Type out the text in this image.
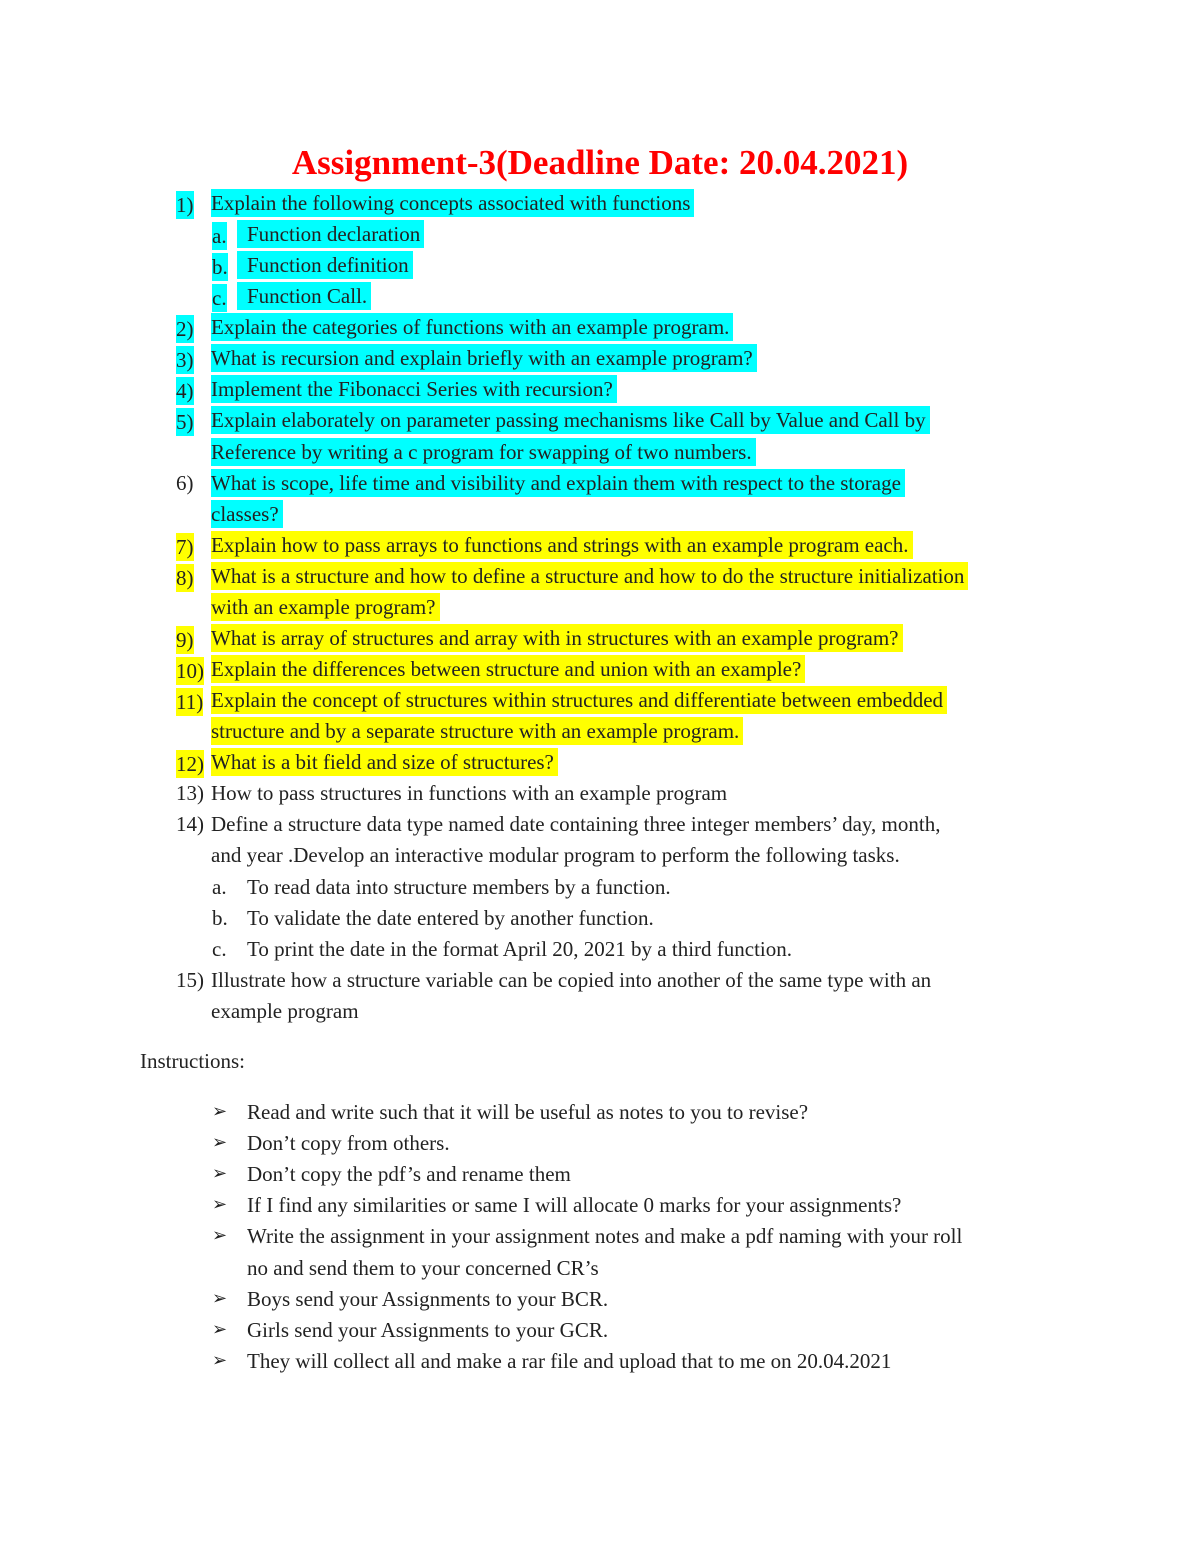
Assignment-3(Deadline Date: 20.04.2021)
1) Explain the following concepts associated with functions
a. Function declaration
b. Function definition
c. Function Call.
2) Explain the categories of functions with an example program.
3) What is recursion and explain briefly with an example program?
4) Implement the Fibonacci Series with recursion?
5) Explain elaborately on parameter passing mechanisms like Call by Value and Call by
Reference by writing a c program for swapping of two numbers.
6) What is scope, life time and visibility and explain them with respect to the storage
classes?
7) Explain how to pass arrays to functions and strings with an example program each.
8) What is a structure and how to define a structure and how to do the structure initialization
with an example program?
9) What is array of structures and array with in structures with an example program?
10) Explain the differences between structure and union with an example?
11) Explain the concept of structures within structures and differentiate between embedded
structure and by a separate structure with an example program.
12) What is a bit field and size of structures?
13) How to pass structures in functions with an example program
14) Define a structure data type named date containing three integer members’ day, month,
and year .Develop an interactive modular program to perform the following tasks.
a. To read data into structure members by a function.
b. To validate the date entered by another function.
c. To print the date in the format April 20, 2021 by a third function.
15) Illustrate how a structure variable can be copied into another of the same type with an
example program
Instructions:
➢ Read and write such that it will be useful as notes to you to revise?
➢ Don’t copy from others.
➢ Don’t copy the pdf’s and rename them
➢ If I find any similarities or same I will allocate 0 marks for your assignments?
➢ Write the assignment in your assignment notes and make a pdf naming with your roll
no and send them to your concerned CR’s
➢ Boys send your Assignments to your BCR.
➢ Girls send your Assignments to your GCR.
➢ They will collect all and make a rar file and upload that to me on 20.04.2021
